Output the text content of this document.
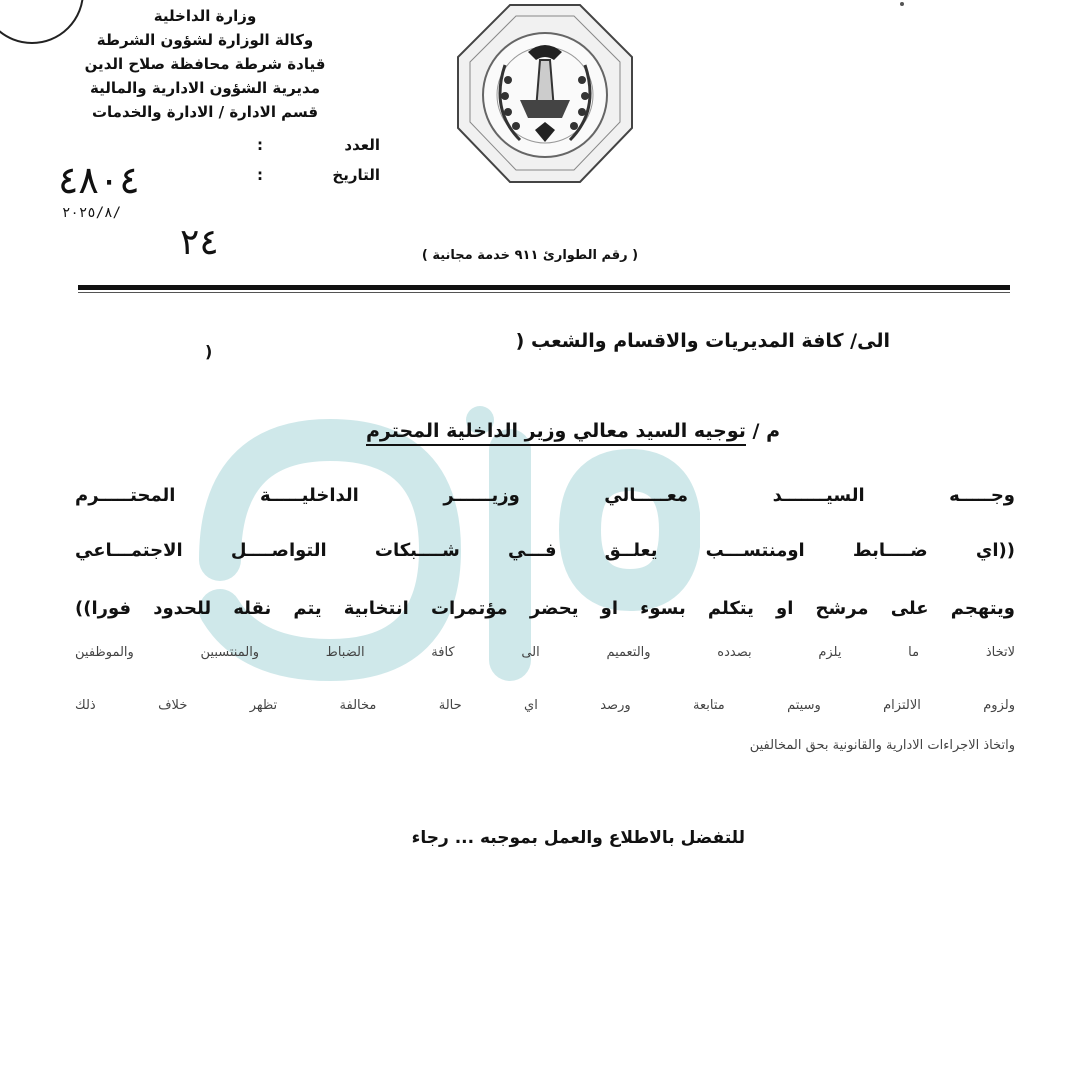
وزارة الداخلية
وكالة الوزارة لشؤون الشرطة
قيادة شرطة محافظة صلاح الدين
مديرية الشؤون الادارية والمالية
قسم الادارة / الادارة والخدمات
العدد
:
التاريخ
:
٤٨٠٤
٢٠٢٥/٨/
٢٤	( رقم الطوارئ ٩١١ خدمة مجانية )
الى/ كافة المديريات والاقسام والشعب (
)
م / توجيه السيد معالي وزير الداخلية المحترم
وجـــــه السيـــــــد معـــــالي وزيــــــر الداخليـــــة المحتـــــرم
((اي ضــــابط اومنتســـب يعلــق فـــي شــــبكات التواصــــل الاجتمـــاعي
ويتهجم على مرشح او يتكلم بسوء او يحضر مؤتمرات انتخابية يتم نقله للحدود فورا))
لاتخاذ ما يلزم بصدده والتعميم الى كافة الضباط والمنتسبين والموظفين
ولزوم الالتزام وسيتم متابعة ورصد اي حالة مخالفة تظهر خلاف ذلك
واتخاذ الاجراءات الادارية والقانونية بحق المخالفين
للتفضل بالاطلاع والعمل بموجبه ... رجاء
